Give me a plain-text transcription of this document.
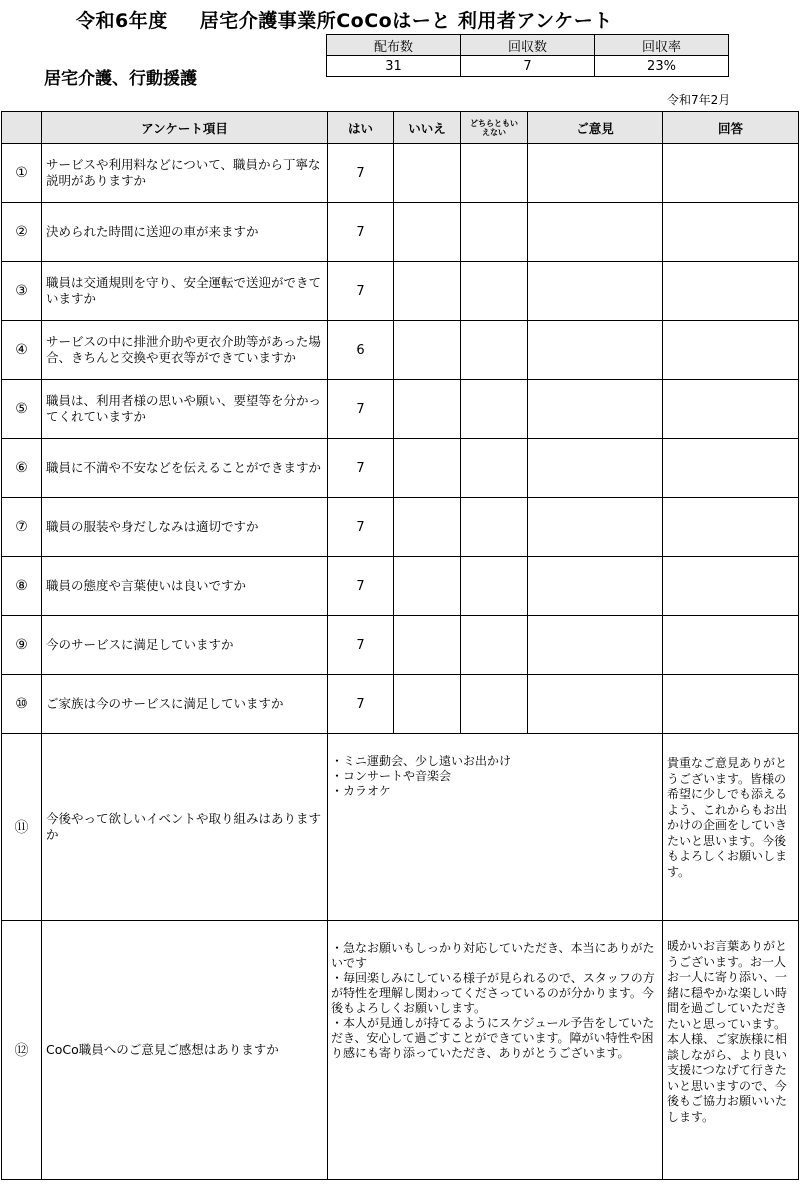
令和6年度 居宅介護事業所CoCoはーと 利用者アンケート
居宅介護、行動援護
配布数	回収数	回収率
31	7	23%
令和7年2月
	アンケート項目	はい	いいえ	どちらともい
えない	ご意見	回答
①	サービスや利用料などについて、職員から丁寧な説明がありますか	7				
②	決められた時間に送迎の車が来ますか	7				
③	職員は交通規則を守り、安全運転で送迎ができていますか	7				
④	サービスの中に排泄介助や更衣介助等があった場合、きちんと交換や更衣等ができていますか	6				
⑤	職員は、利用者様の思いや願い、要望等を分かってくれていますか	7				
⑥	職員に不満や不安などを伝えることができますか	7				
⑦	職員の服装や身だしなみは適切ですか	7				
⑧	職員の態度や言葉使いは良いですか	7				
⑨	今のサービスに満足していますか	7				
⑩	ご家族は今のサービスに満足していますか	7				
⑪	今後やって欲しいイベントや取り組みはありますか	・ミニ運動会、少し遠いお出かけ
・コンサートや音楽会
・カラオケ				貴重なご意見ありがとうございます。皆様の希望に少しでも添えるよう、これからもお出かけの企画をしていきたいと思います。今後もよろしくお願いします。
⑫	CoCo職員へのご意見ご感想はありますか	・急なお願いもしっかり対応していただき、本当にありがたいです
・毎回楽しみにしている様子が見られるので、スタッフの方が特性を理解し関わってくださっているのが分かります。今後もよろしくお願いします。
・本人が見通しが持てるようにスケジュール予告をしていただき、安心して過ごすことができています。障がい特性や困り感にも寄り添っていただき、ありがとうございます。				暖かいお言葉ありがとうございます。お一人お一人に寄り添い、一緒に穏やかな楽しい時間を過ごしていただきたいと思っています。本人様、ご家族様に相談しながら、より良い支援につなげて行きたいと思いますので、今後もご協力お願いいたします。
